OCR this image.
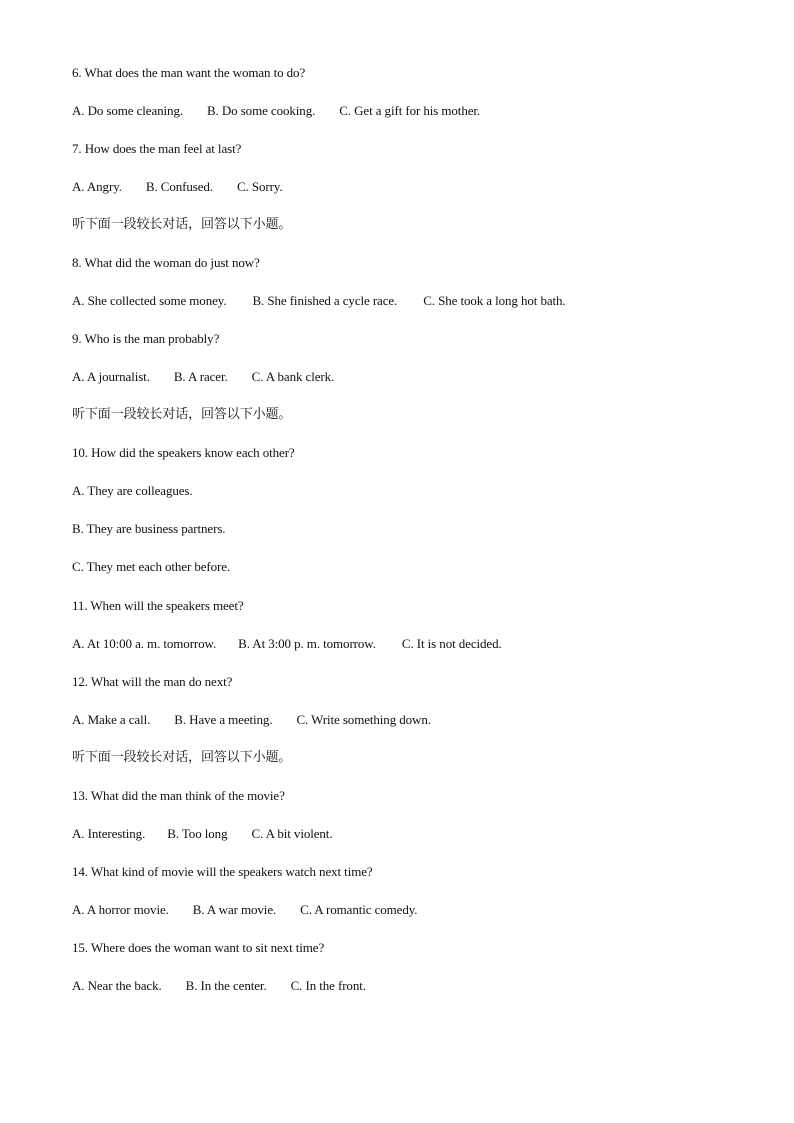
6. What does the man want the woman to do?
A. Do some cleaning. B. Do some cooking. C. Get a gift for his mother.
7. How does the man feel at last?
A. Angry. B. Confused. C. Sorry.
听下面一段较长对话，回答以下小题。
8. What did the woman do just now?
A. She collected some money. B. She finished a cycle race. C. She took a long hot bath.
9. Who is the man probably?
A. A journalist. B. A racer. C. A bank clerk.
听下面一段较长对话，回答以下小题。
10. How did the speakers know each other?
A. They are colleagues.
B. They are business partners.
C. They met each other before.
11. When will the speakers meet?
A. At 10:00 a. m. tomorrow. B. At 3:00 p. m. tomorrow. C. It is not decided.
12. What will the man do next?
A. Make a call. B. Have a meeting. C. Write something down.
听下面一段较长对话，回答以下小题。
13. What did the man think of the movie?
A. Interesting. B. Too long C. A bit violent.
14. What kind of movie will the speakers watch next time?
A. A horror movie. B. A war movie. C. A romantic comedy.
15. Where does the woman want to sit next time?
A. Near the back. B. In the center. C. In the front.
